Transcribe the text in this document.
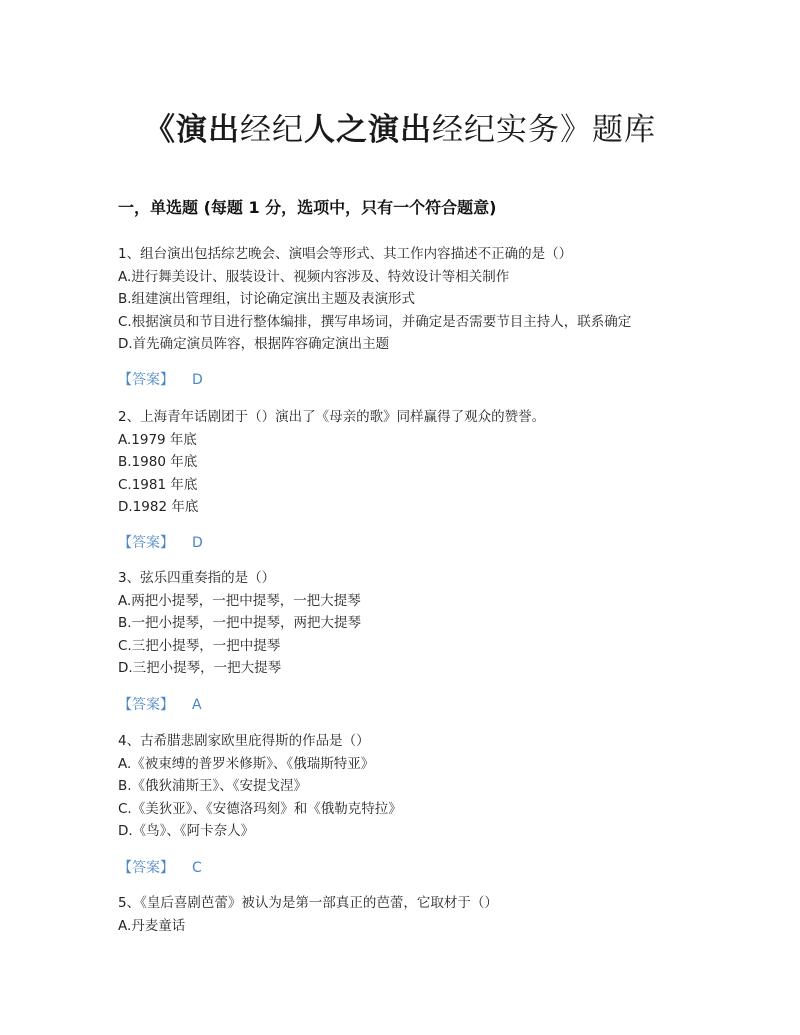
《演出经纪人之演出经纪实务》题库
一，单选题 (每题 1 分，选项中，只有一个符合题意)
1、组台演出包括综艺晚会、演唱会等形式、其工作内容描述不正确的是（）
A.进行舞美设计、服装设计、视频内容涉及、特效设计等相关制作
B.组建演出管理组，讨论确定演出主题及表演形式
C.根据演员和节目进行整体编排，撰写串场词，并确定是否需要节目主持人，联系确定
D.首先确定演员阵容，根据阵容确定演出主题
【答案】 D
2、上海青年话剧团于（）演出了《母亲的歌》同样赢得了观众的赞誉。
A.1979 年底
B.1980 年底
C.1981 年底
D.1982 年底
【答案】 D
3、弦乐四重奏指的是（）
A.两把小提琴，一把中提琴，一把大提琴
B.一把小提琴，一把中提琴，两把大提琴
C.三把小提琴，一把中提琴
D.三把小提琴，一把大提琴
【答案】 A
4、古希腊悲剧家欧里庇得斯的作品是（）
A.《被束缚的普罗米修斯》、《俄瑞斯特亚》
B.《俄狄浦斯王》、《安提戈涅》
C.《美狄亚》、《安德洛玛刻》和《俄勒克特拉》
D.《鸟》、《阿卡奈人》
【答案】 C
5、《皇后喜剧芭蕾》被认为是第一部真正的芭蕾，它取材于（）
A.丹麦童话
